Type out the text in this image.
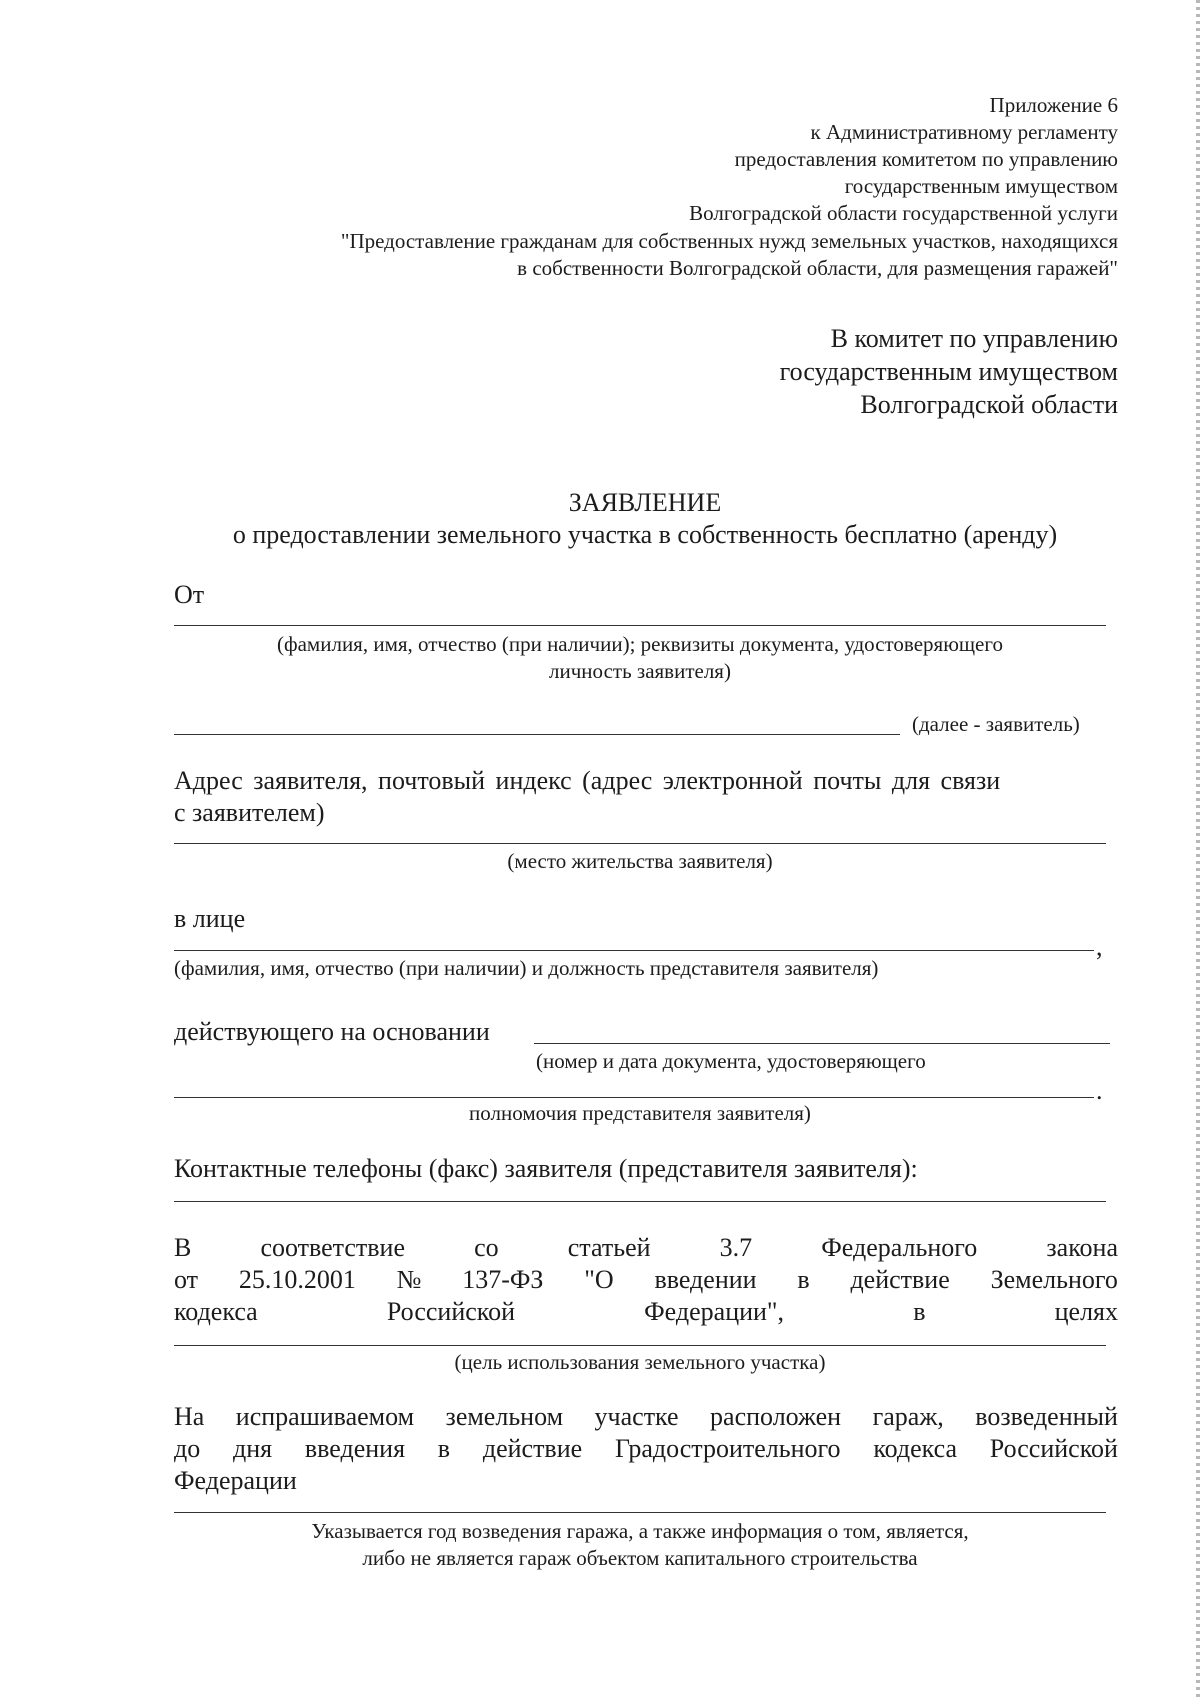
Приложение 6
к Административному регламенту
предоставления комитетом по управлению
государственным имуществом
Волгоградской области государственной услуги
"Предоставление гражданам для собственных нужд земельных участков, находящихся
в собственности Волгоградской области, для размещения гаражей"
В комитет по управлению
государственным имуществом
Волгоградской области
ЗАЯВЛЕНИЕ
о предоставлении земельного участка в собственность бесплатно (аренду)
От
(фамилия, имя, отчество (при наличии); реквизиты документа, удостоверяющего
личность заявителя)
(далее - заявитель)
Адрес заявителя, почтовый индекс (адрес электронной почты для связи
с заявителем)
(место жительства заявителя)
в лице
,
(фамилия, имя, отчество (при наличии) и должность представителя заявителя)
действующего на основании
(номер и дата документа, удостоверяющего
.
полномочия представителя заявителя)
Контактные телефоны (факс) заявителя (представителя заявителя):
В	соответствие	со	статьей	3.7	Федерального	закона
от 25.10.2001 № 137-ФЗ "О введении в действие Земельного
кодекса	Российской	Федерации",	в	целях
(цель использования земельного участка)
На испрашиваемом земельном участке расположен гараж, возведенный
до дня введения в действие Градостроительного кодекса Российской
Федерации
Указывается год возведения гаража, а также информация о том, является,
либо не является гараж объектом капитального строительства
